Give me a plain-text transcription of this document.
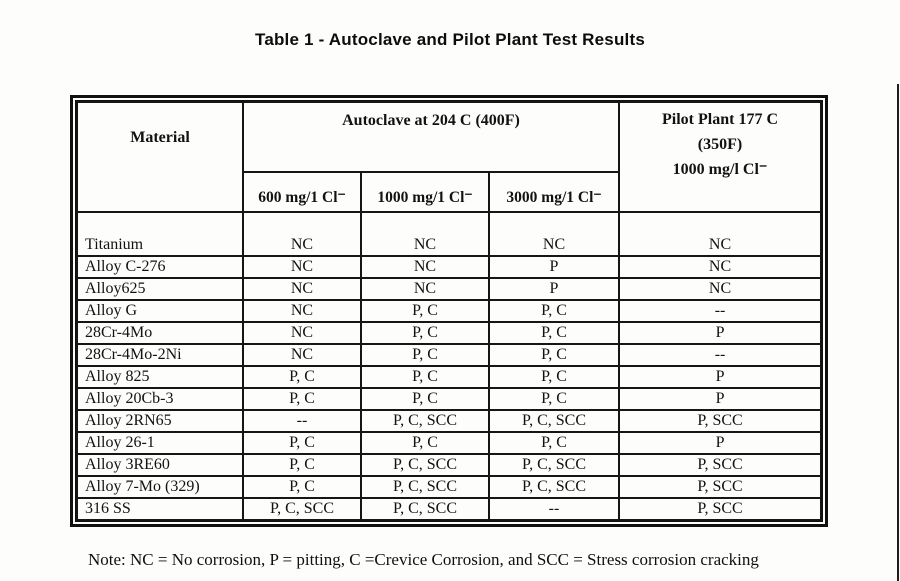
Table 1 - Autoclave and Pilot Plant Test Results
Material	Autoclave at 204 C (400F)			Pilot Plant 177 C
(350F)
1000 mg/l Cl⁻

	600 mg/1 Cl⁻	1000 mg/1 Cl⁻	3000 mg/1 Cl⁻	
Titanium	NC	NC	NC	NC
Alloy C-276	NC	NC	P	NC
Alloy625	NC	NC	P	NC
Alloy G	NC	P, C	P, C	--
28Cr-4Mo	NC	P, C	P, C	P
28Cr-4Mo-2Ni	NC	P, C	P, C	--
Alloy 825	P, C	P, C	P, C	P
Alloy 20Cb-3	P, C	P, C	P, C	P
Alloy 2RN65	--	P, C, SCC	P, C, SCC	P, SCC
Alloy 26-1	P, C	P, C	P, C	P
Alloy 3RE60	P, C	P, C, SCC	P, C, SCC	P, SCC
Alloy 7-Mo (329)	P, C	P, C, SCC	P, C, SCC	P, SCC
316 SS	P, C, SCC	P, C, SCC	--	P, SCC
Note: NC = No corrosion, P = pitting, C =Crevice Corrosion, and SCC = Stress corrosion cracking
